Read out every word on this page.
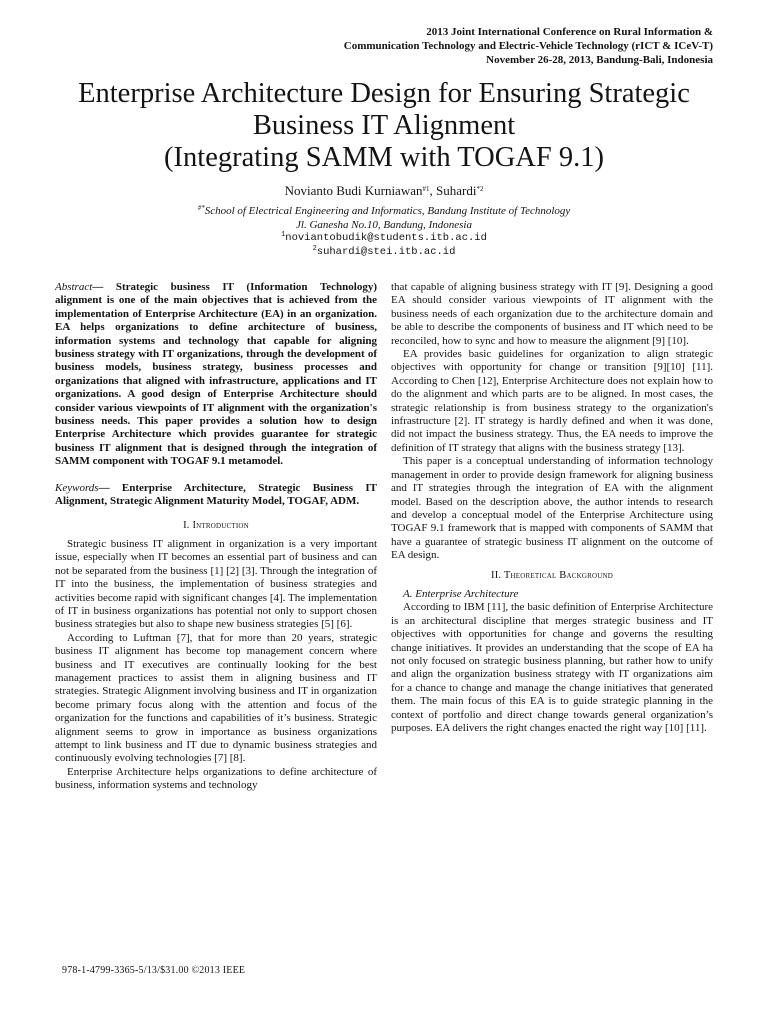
2013 Joint International Conference on Rural Information &
Communication Technology and Electric-Vehicle Technology (rICT & ICeV-T)
November 26-28, 2013, Bandung-Bali, Indonesia
Enterprise Architecture Design for Ensuring Strategic
Business IT Alignment
(Integrating SAMM with TOGAF 9.1)
Novianto Budi Kurniawan$^{\#1}$, Suhardi$^{*2}$
#*School of Electrical Engineering and Informatics, Bandung Institute of Technology
Jl. Ganesha No.10, Bandung, Indonesia
$^1$noviantobudik@students.itb.ac.id
$^2$suhardi@stei.itb.ac.id

Abstract— Strategic business IT (Information Technology) alignment is one of the main objectives that is achieved from the implementation of Enterprise Architecture (EA) in an organization. EA helps organizations to define architecture of business, information systems and technology that capable for aligning business strategy with IT organizations, through the development of business models, business strategy, business processes and organizations that aligned with infrastructure, applications and IT organizations. A good design of Enterprise Architecture should consider various viewpoints of IT alignment with the organization's business needs. This paper provides a solution how to design Enterprise Architecture which provides guarantee for strategic business IT alignment that is designed through the integration of SAMM component with TOGAF 9.1 metamodel.

Keywords— Enterprise Architecture, Strategic Business IT Alignment, Strategic Alignment Maturity Model, TOGAF, ADM.

I. Introduction

Strategic business IT alignment in organization is a very important issue, especially when IT becomes an essential part of business and can not be separated from the business [1] [2] [3]. Through the integration of IT into the business, the implementation of business strategies and activities become rapid with significant changes [4]. The implementation of IT in business organizations has potential not only to support chosen business strategies but also to shape new business strategies [5] [6].

According to Luftman [7], that for more than 20 years, strategic business IT alignment has become top management concern where business and IT executives are continually looking for the best management practices to assist them in aligning business and IT strategies. Strategic Alignment involving business and IT in organization become primary focus along with the attention and focus of the organization for the functions and capabilities of it’s business. Strategic alignment seems to grow in importance as business organizations attempt to link business and IT due to dynamic business strategies and continuously evolving technologies [7] [8].

Enterprise Architecture helps organizations to define architecture of business, information systems and technology

that capable of aligning business strategy with IT [9]. Designing a good EA should consider various viewpoints of IT alignment with the business needs of each organization due to the architecture domain and be able to describe the components of business and IT which need to be reconciled, how to sync and how to measure the alignment [9] [10].

EA provides basic guidelines for organization to align strategic objectives with opportunity for change or transition [9][10] [11]. According to Chen [12], Enterprise Architecture does not explain how to do the alignment and which parts are to be aligned. In most cases, the strategic relationship is from business strategy to the organization's infrastructure [2]. IT strategy is hardly defined and when it was done, did not impact the business strategy. Thus, the EA needs to improve the definition of IT strategy that aligns with the business strategy [13].

This paper is a conceptual understanding of information technology management in order to provide design framework for aligning business and IT strategies through the integration of EA with the alignment model. Based on the description above, the author intends to research and develop a conceptual model of the Enterprise Architecture using TOGAF 9.1 framework that is mapped with components of SAMM that have a guarantee of strategic business IT alignment on the outcome of EA design.

II. Theoretical Background

A. Enterprise Architecture

According to IBM [11], the basic definition of Enterprise Architecture is an architectural discipline that merges strategic business and IT objectives with opportunities for change and governs the resulting change initiatives. It provides an understanding that the scope of EA ha not only focused on strategic business planning, but rather how to unify and align the organization business strategy with IT organizations aim for a chance to change and manage the change initiatives that generated them. The main focus of this EA is to guide strategic planning in the context of portfolio and direct change towards general organization’s purposes. EA delivers the right changes enacted the right way [10] [11].

978-1-4799-3365-5/13/$31.00 ©2013 IEEE
